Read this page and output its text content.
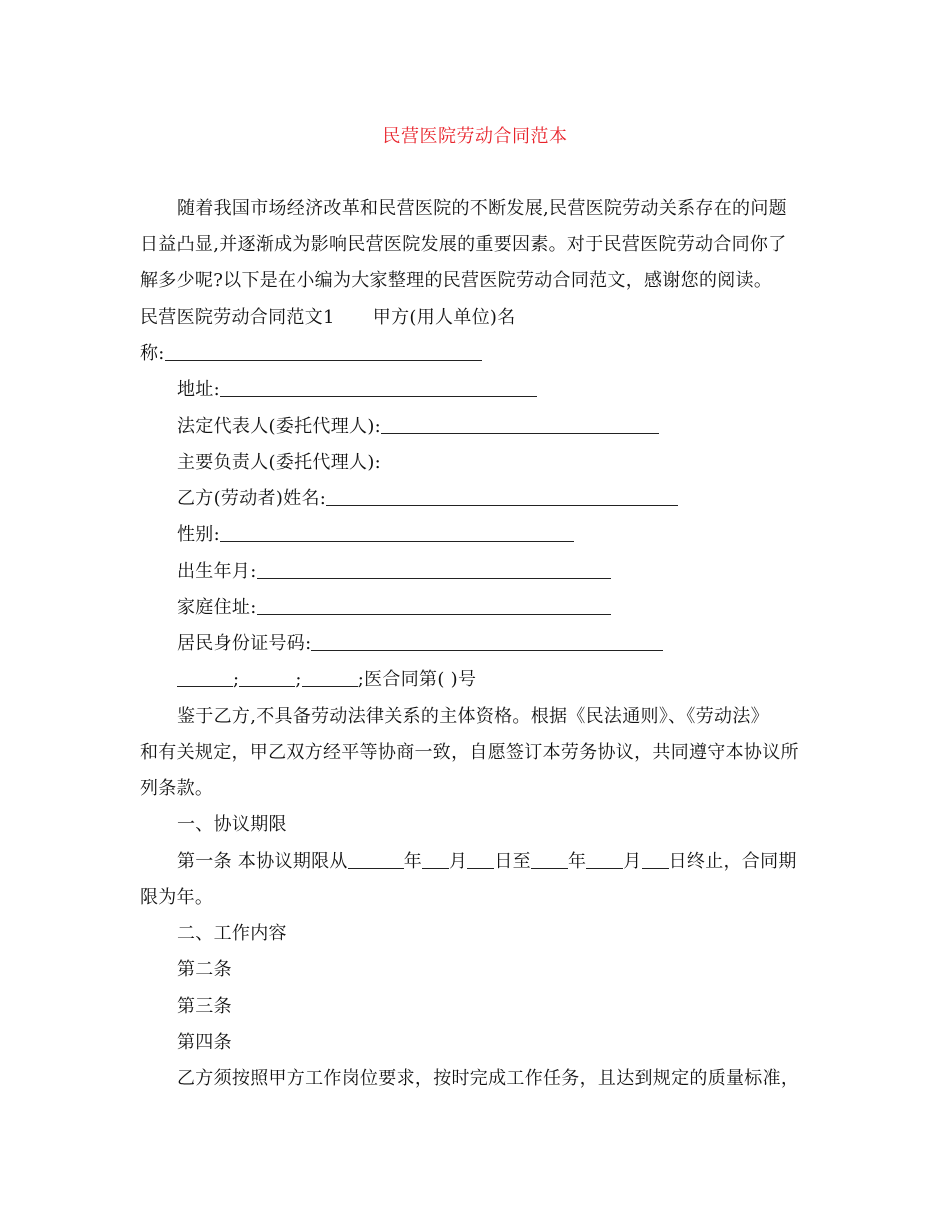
民营医院劳动合同范本
随着我国市场经济改革和民营医院的不断发展,民营医院劳动关系存在的问题
日益凸显,并逐渐成为影响民营医院发展的重要因素。对于民营医院劳动合同你了
解多少呢?以下是在小编为大家整理的民营医院劳动合同范文，感谢您的阅读。
民营医院劳动合同范文1 甲方(用人单位)名
称:
地址:
法定代表人(委托代理人):
主要负责人(委托代理人):
乙方(劳动者)姓名:
性别:
出生年月:
家庭住址:
居民身份证号码:
;	;	;医合同第( )号
鉴于乙方,不具备劳动法律关系的主体资格。根据《民法通则》、《劳动法》
和有关规定，甲乙双方经平等协商一致，自愿签订本劳务协议，共同遵守本协议所
列条款。
一、协议期限
第一条 本协议期限从	年 月 日至 年 月 日终止，合同期
限为年。
二、工作内容
第二条
第三条
第四条
乙方须按照甲方工作岗位要求，按时完成工作任务，且达到规定的质量标准，
